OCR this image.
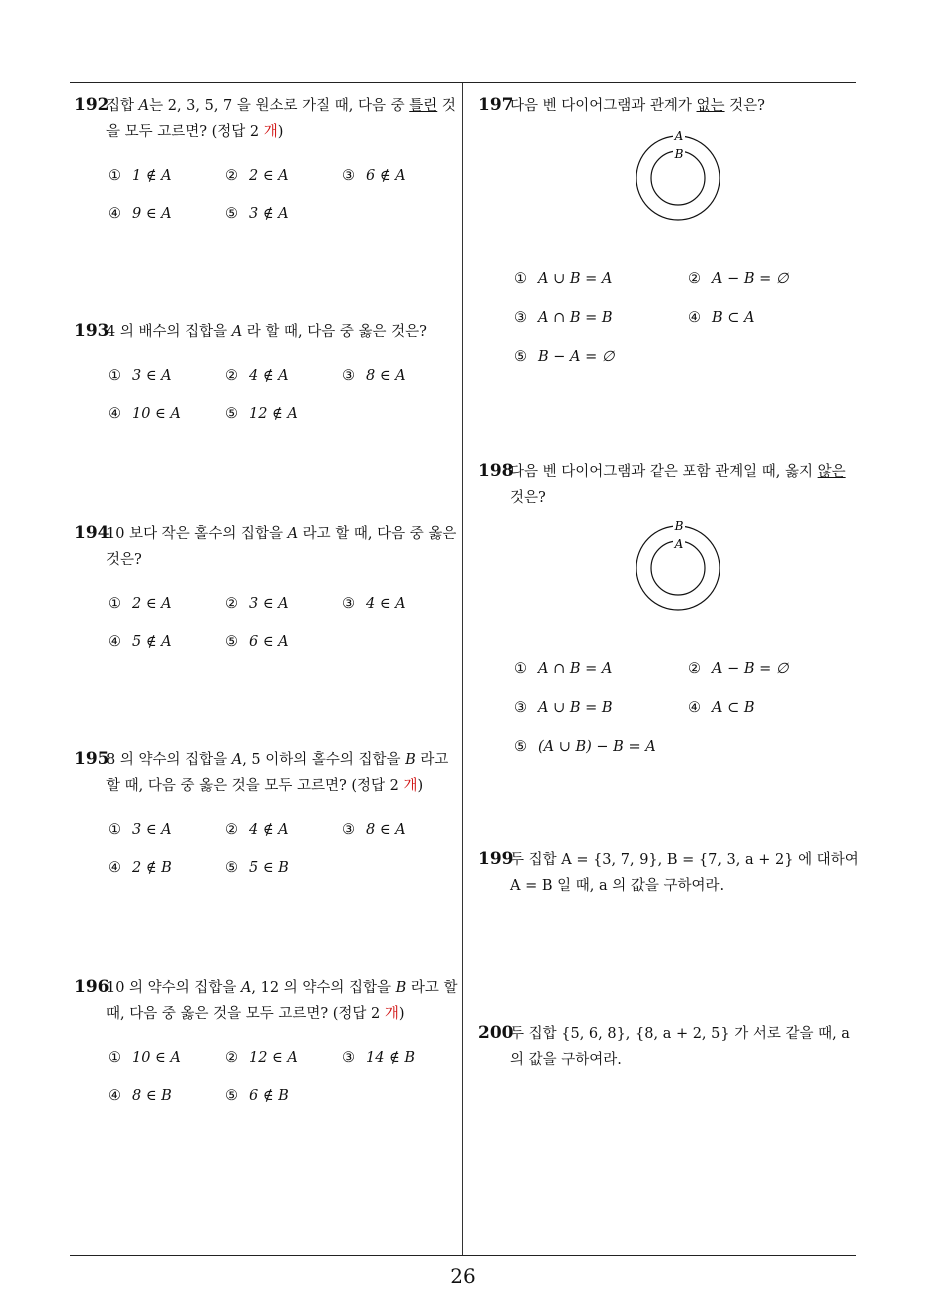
192집합 A는 2, 3, 5, 7 을 원소로 가질 때, 다음 중 틀린 것을 모두 고르면? (정답 2 개)
① 1 ∉ A	② 2 ∈ A	③ 6 ∉ A
④ 9 ∈ A	⑤ 3 ∉ A
1934 의 배수의 집합을 A 라 할 때, 다음 중 옳은 것은?
① 3 ∈ A	② 4 ∉ A	③ 8 ∈ A
④ 10 ∈ A	⑤ 12 ∉ A
19410 보다 작은 홀수의 집합을 A 라고 할 때, 다음 중 옳은 것은?
① 2 ∈ A	② 3 ∈ A	③ 4 ∈ A
④ 5 ∉ A	⑤ 6 ∈ A
1958 의 약수의 집합을 A, 5 이하의 홀수의 집합을 B 라고 할 때, 다음 중 옳은 것을 모두 고르면? (정답 2 개)
① 3 ∈ A	② 4 ∉ A	③ 8 ∈ A
④ 2 ∉ B	⑤ 5 ∈ B
19610 의 약수의 집합을 A, 12 의 약수의 집합을 B 라고 할 때, 다음 중 옳은 것을 모두 고르면? (정답 2 개)
① 10 ∈ A	② 12 ∈ A	③ 14 ∉ B
④ 8 ∈ B	⑤ 6 ∉ B
197다음 벤 다이어그램과 관계가 없는 것은?
A
B
① A ∪ B = A	② A − B = ∅
③ A ∩ B = B	④ B ⊂ A
⑤ B − A = ∅
198다음 벤 다이어그램과 같은 포함 관계일 때, 옳지 않은 것은?
B
A
① A ∩ B = A	② A − B = ∅
③ A ∪ B = B	④ A ⊂ B
⑤ (A ∪ B) − B = A
199두 집합 A = {3, 7, 9}, B = {7, 3, a + 2} 에 대하여 A = B 일 때, a 의 값을 구하여라.
200두 집합 {5, 6, 8}, {8, a + 2, 5} 가 서로 같을 때, a 의 값을 구하여라.
26
